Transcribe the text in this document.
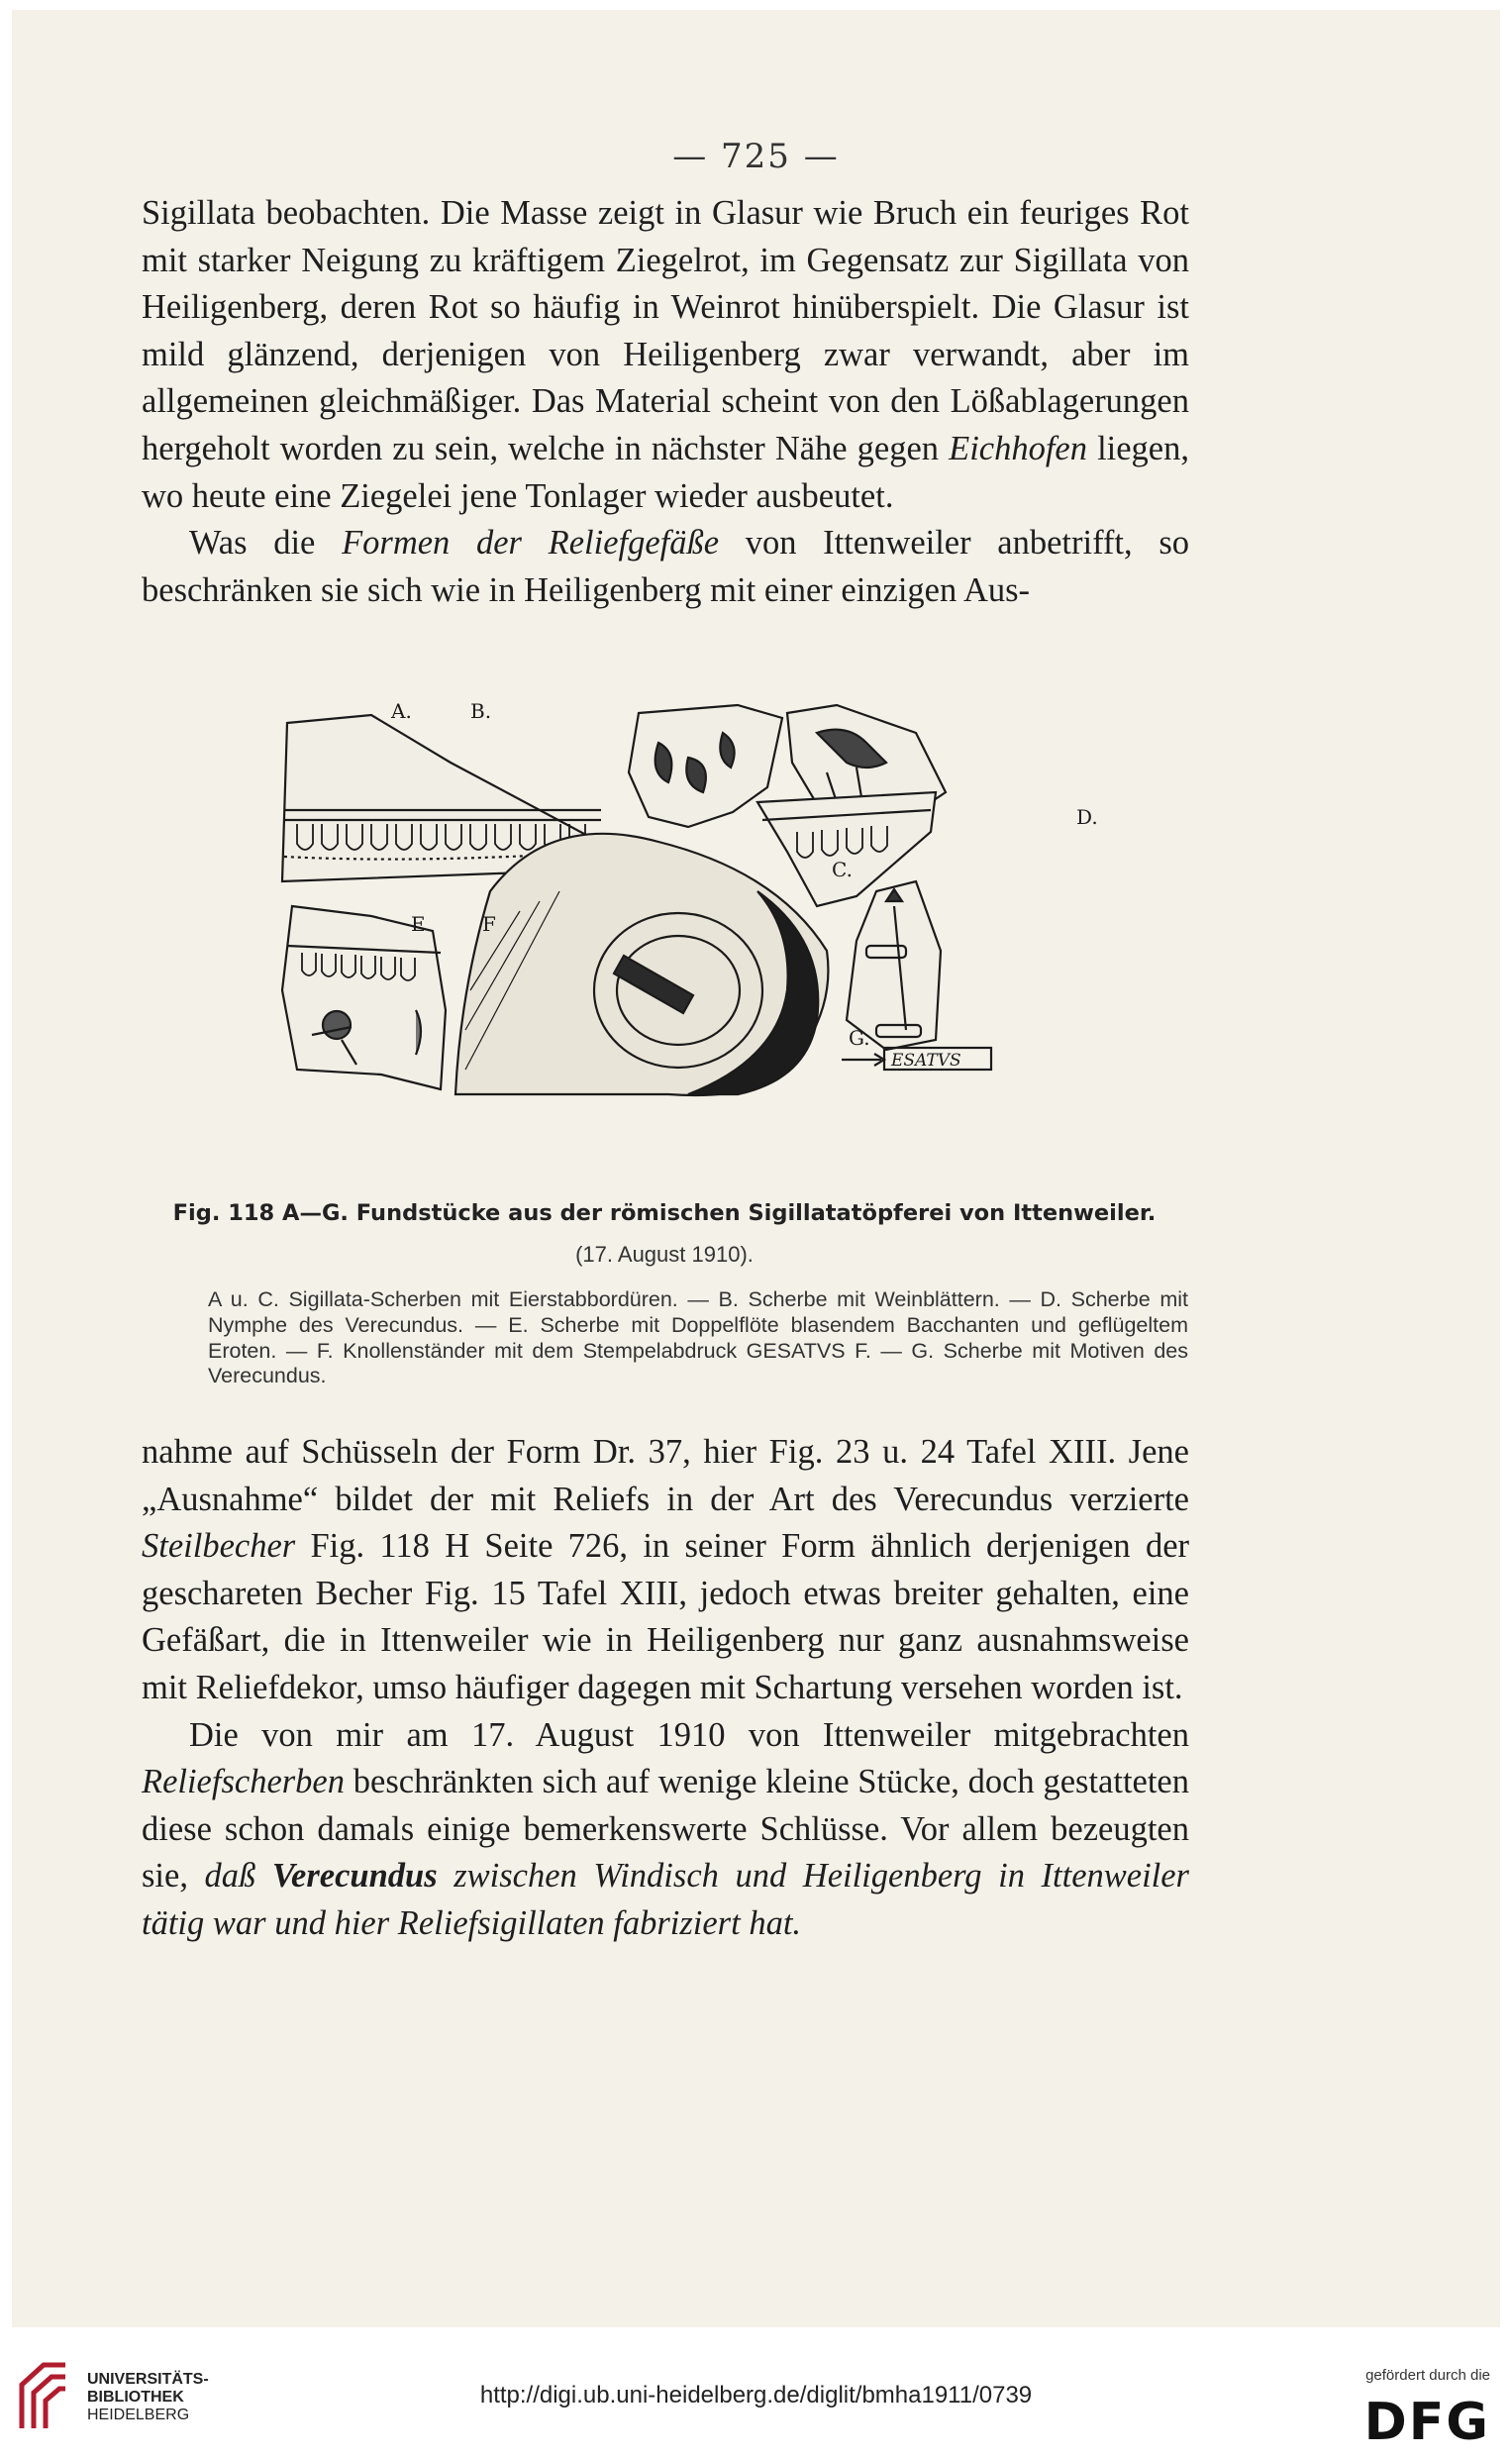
— 725 —

Sigillata beobachten. Die Masse zeigt in Glasur wie Bruch ein feuriges Rot mit starker Neigung zu kräftigem Ziegelrot, im Gegensatz zur Sigillata von Heiligenberg, deren Rot so häufig in Weinrot hinüberspielt. Die Glasur ist mild glänzend, derjenigen von Heiligenberg zwar verwandt, aber im allgemeinen gleichmäßiger. Das Material scheint von den Lößablagerungen hergeholt worden zu sein, welche in nächster Nähe gegen Eichhofen liegen, wo heute eine Ziegelei jene Tonlager wieder ausbeutet.

Was die Formen der Reliefgefäße von Ittenweiler anbetrifft, so beschränken sie sich wie in Heiligenberg mit einer einzigen Aus-

A.	B.
C.
D.
E	F
G.
ESATVS
Fig. 118 A—G. Fundstücke aus der römischen Sigillatatöpferei von Ittenweiler.
(17. August 1910).
A u. C. Sigillata-Scherben mit Eierstabbordüren. — B. Scherbe mit Weinblättern. — D. Scherbe mit Nymphe des Verecundus. — E. Scherbe mit Doppelflöte blasendem Bacchanten und geflügeltem Eroten. — F. Knollenständer mit dem Stempelabdruck GESATVS F. — G. Scherbe mit Motiven des Verecundus.

nahme auf Schüsseln der Form Dr. 37, hier Fig. 23 u. 24 Tafel XIII. Jene „Ausnahme“ bildet der mit Reliefs in der Art des Verecundus verzierte Steilbecher Fig. 118 H Seite 726, in seiner Form ähnlich derjenigen der geschareten Becher Fig. 15 Tafel XIII, jedoch etwas breiter gehalten, eine Gefäßart, die in Ittenweiler wie in Heiligenberg nur ganz ausnahmsweise mit Reliefdekor, umso häufiger dagegen mit Schartung versehen worden ist.

Die von mir am 17. August 1910 von Ittenweiler mitgebrachten Reliefscherben beschränkten sich auf wenige kleine Stücke, doch gestatteten diese schon damals einige bemerkenswerte Schlüsse. Vor allem bezeugten sie, daß Verecundus zwischen Windisch und Heiligenberg in Ittenweiler tätig war und hier Reliefsigillaten fabriziert hat.

UNIVERSITÄTS-
BIBLIOTHEK
HEIDELBERG
http://digi.ub.uni-heidelberg.de/diglit/bmha1911/0739
gefördert durch die
DFG
